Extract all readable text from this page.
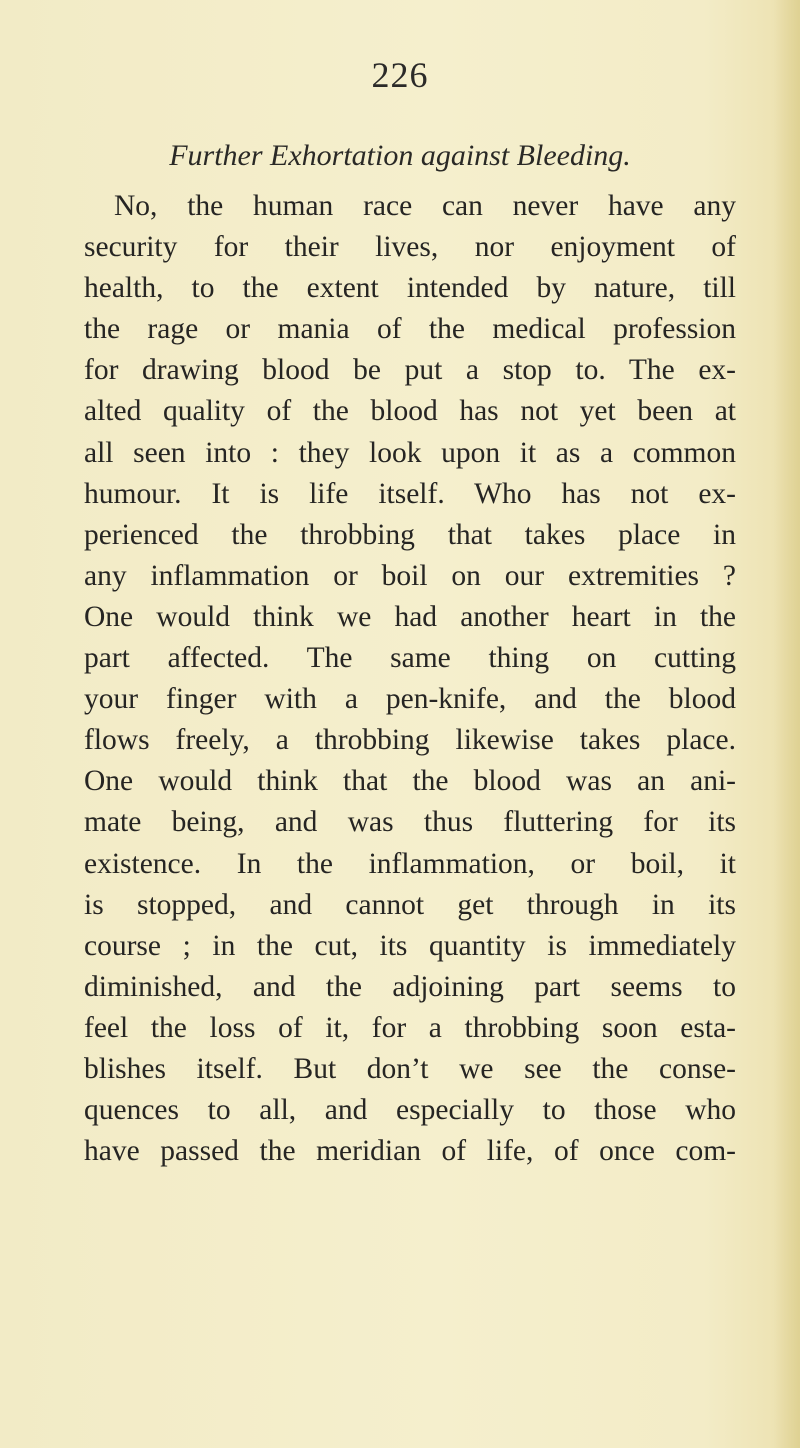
226
Further Exhortation against Bleeding.
No, the human race can never have any
security for their lives, nor enjoyment of
health, to the extent intended by nature, till
the rage or mania of the medical profession
for drawing blood be put a stop to. The ex-
alted quality of the blood has not yet been at
all seen into : they look upon it as a common
humour. It is life itself. Who has not ex-
perienced the throbbing that takes place in
any inflammation or boil on our extremities ?
One would think we had another heart in the
part affected. The same thing on cutting
your finger with a pen-knife, and the blood
flows freely, a throbbing likewise takes place.
One would think that the blood was an ani-
mate being, and was thus fluttering for its
existence. In the inflammation, or boil, it
is stopped, and cannot get through in its
course ; in the cut, its quantity is immediately
diminished, and the adjoining part seems to
feel the loss of it, for a throbbing soon esta-
blishes itself. But don’t we see the conse-
quences to all, and especially to those who
have passed the meridian of life, of once com-
